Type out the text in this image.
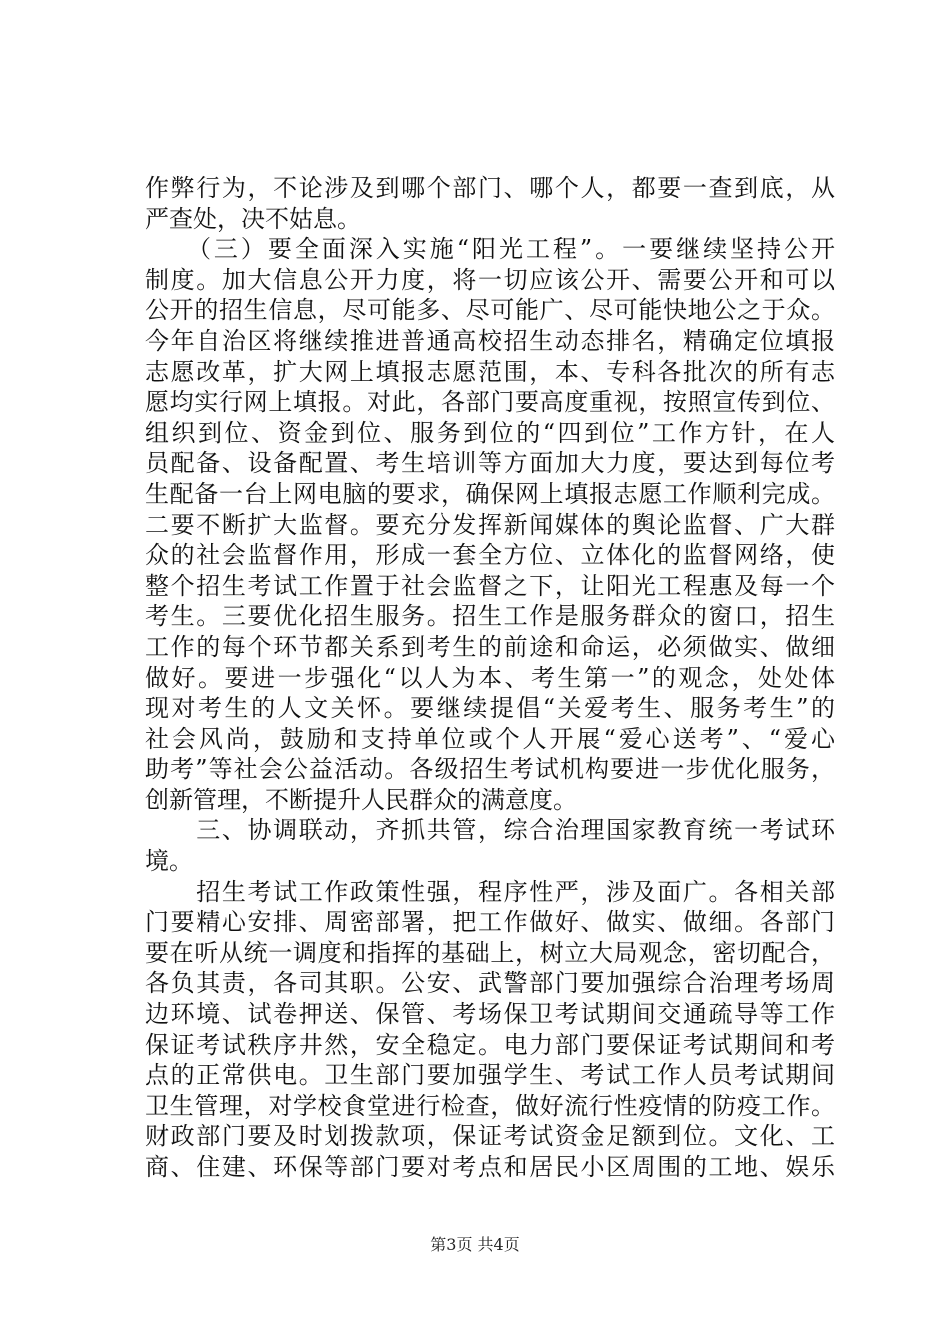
作弊行为，不论涉及到哪个部门、哪个人，都要一查到底，从
严查处，决不姑息。
　　（三）要全面深入实施“阳光工程”。一要继续坚持公开
制度。加大信息公开力度，将一切应该公开、需要公开和可以
公开的招生信息，尽可能多、尽可能广、尽可能快地公之于众。
今年自治区将继续推进普通高校招生动态排名，精确定位填报
志愿改革，扩大网上填报志愿范围，本、专科各批次的所有志
愿均实行网上填报。对此，各部门要高度重视，按照宣传到位、
组织到位、资金到位、服务到位的“四到位”工作方针，在人
员配备、设备配置、考生培训等方面加大力度，要达到每位考
生配备一台上网电脑的要求，确保网上填报志愿工作顺利完成。
二要不断扩大监督。要充分发挥新闻媒体的舆论监督、广大群
众的社会监督作用，形成一套全方位、立体化的监督网络，使
整个招生考试工作置于社会监督之下，让阳光工程惠及每一个
考生。三要优化招生服务。招生工作是服务群众的窗口，招生
工作的每个环节都关系到考生的前途和命运，必须做实、做细
做好。要进一步强化“以人为本、考生第一”的观念，处处体
现对考生的人文关怀。要继续提倡“关爱考生、服务考生”的
社会风尚，鼓励和支持单位或个人开展“爱心送考”、“爱心
助考”等社会公益活动。各级招生考试机构要进一步优化服务，
创新管理，不断提升人民群众的满意度。
　　三、协调联动，齐抓共管，综合治理国家教育统一考试环
境。
　　招生考试工作政策性强，程序性严，涉及面广。各相关部
门要精心安排、周密部署，把工作做好、做实、做细。各部门
要在听从统一调度和指挥的基础上，树立大局观念，密切配合，
各负其责，各司其职。公安、武警部门要加强综合治理考场周
边环境、试卷押送、保管、考场保卫考试期间交通疏导等工作
保证考试秩序井然，安全稳定。电力部门要保证考试期间和考
点的正常供电。卫生部门要加强学生、考试工作人员考试期间
卫生管理，对学校食堂进行检查，做好流行性疫情的防疫工作。
财政部门要及时划拨款项，保证考试资金足额到位。文化、工
商、住建、环保等部门要对考点和居民小区周围的工地、娱乐
第3页 共4页
